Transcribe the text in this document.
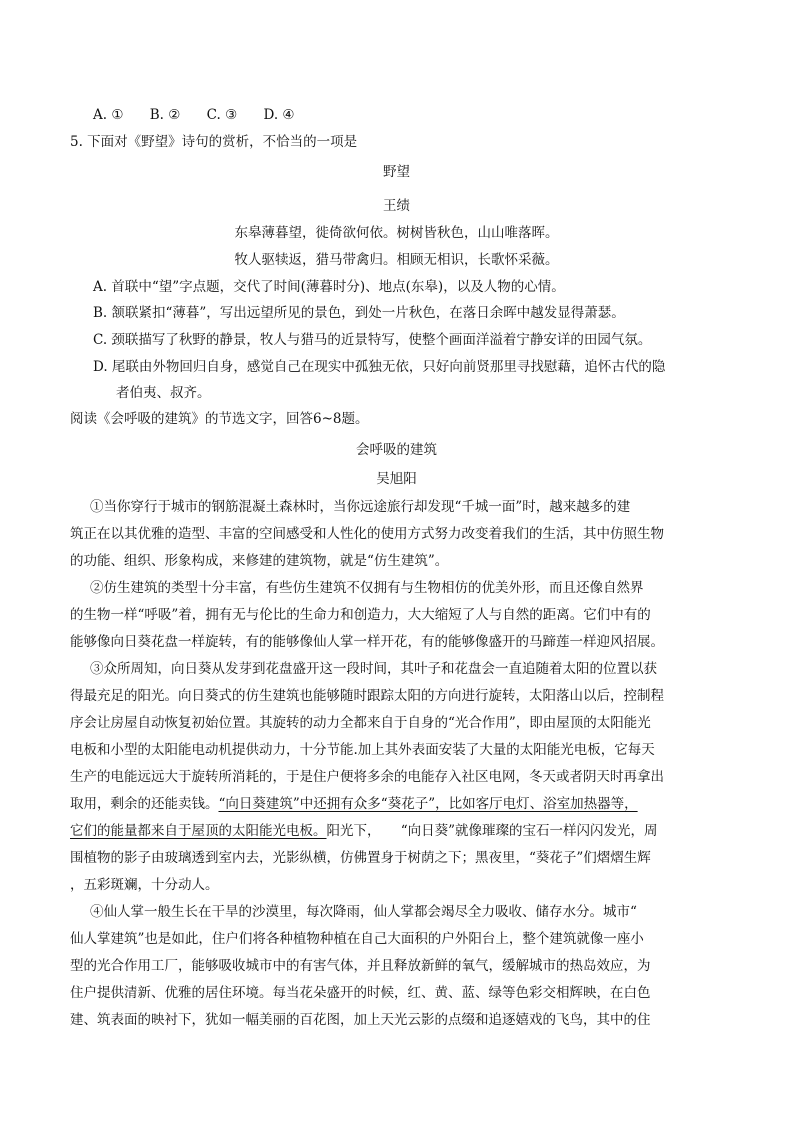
A. ① B. ② C. ③ D. ④
5. 下面对《野望》诗句的赏析，不恰当的一项是
野望
王绩
东皋薄暮望，徙倚欲何依。树树皆秋色，山山唯落晖。
牧人驱犊返，猎马带禽归。相顾无相识，长歌怀采薇。
A. 首联中“望”字点题，交代了时间(薄暮时分)、地点(东皋)，以及人物的心情。
B. 颔联紧扣“薄暮”，写出远望所见的景色，到处一片秋色，在落日余晖中越发显得萧瑟。
C. 颈联描写了秋野的静景，牧人与猎马的近景特写，使整个画面洋溢着宁静安详的田园气氛。
D. 尾联由外物回归自身，感觉自己在现实中孤独无依，只好向前贤那里寻找慰藉，追怀古代的隐
者伯夷、叔齐。
阅读《会呼吸的建筑》的节选文字，回答6~8题。
会呼吸的建筑
吴旭阳
①当你穿行于城市的钢筋混凝土森林时，当你远途旅行却发现“千城一面”时，越来越多的建
筑正在以其优雅的造型、丰富的空间感受和人性化的使用方式努力改变着我们的生活，其中仿照生物
的功能、组织、形象构成，来修建的建筑物，就是“仿生建筑”。
②仿生建筑的类型十分丰富，有些仿生建筑不仅拥有与生物相仿的优美外形，而且还像自然界
的生物一样“呼吸”着，拥有无与伦比的生命力和创造力，大大缩短了人与自然的距离。它们中有的
能够像向日葵花盘一样旋转，有的能够像仙人掌一样开花，有的能够像盛开的马蹄莲一样迎风招展。
③众所周知，向日葵从发芽到花盘盛开这一段时间，其叶子和花盘会一直追随着太阳的位置以获
得最充足的阳光。向日葵式的仿生建筑也能够随时跟踪太阳的方向进行旋转，太阳落山以后，控制程
序会让房屋自动恢复初始位置。其旋转的动力全都来自于自身的“光合作用”，即由屋顶的太阳能光
电板和小型的太阳能电动机提供动力，十分节能.加上其外表面安装了大量的太阳能光电板，它每天
生产的电能远远大于旋转所消耗的，于是住户便将多余的电能存入社区电网，冬天或者阴天时再拿出
取用，剩余的还能卖钱。“向日葵建筑”中还拥有众多“葵花子”，比如客厅电灯、浴室加热器等，
它们的能量都来自于屋顶的太阳能光电板。阳光下，　　“向日葵”就像璀璨的宝石一样闪闪发光，周
围植物的影子由玻璃透到室内去，光影纵横，仿佛置身于树荫之下；黑夜里，“葵花子”们熠熠生辉
，五彩斑斓，十分动人。
④仙人掌一般生长在干旱的沙漠里，每次降雨，仙人掌都会竭尽全力吸收、储存水分。城市“
仙人掌建筑”也是如此，住户们将各种植物种植在自己大面积的户外阳台上，整个建筑就像一座小
型的光合作用工厂，能够吸收城市中的有害气体，并且释放新鲜的氧气，缓解城市的热岛效应，为
住户提供清新、优雅的居住环境。每当花朵盛开的时候，红、黄、蓝、绿等色彩交相辉映，在白色
建、筑表面的映衬下，犹如一幅美丽的百花图，加上天光云影的点缀和追逐嬉戏的飞鸟，其中的住
